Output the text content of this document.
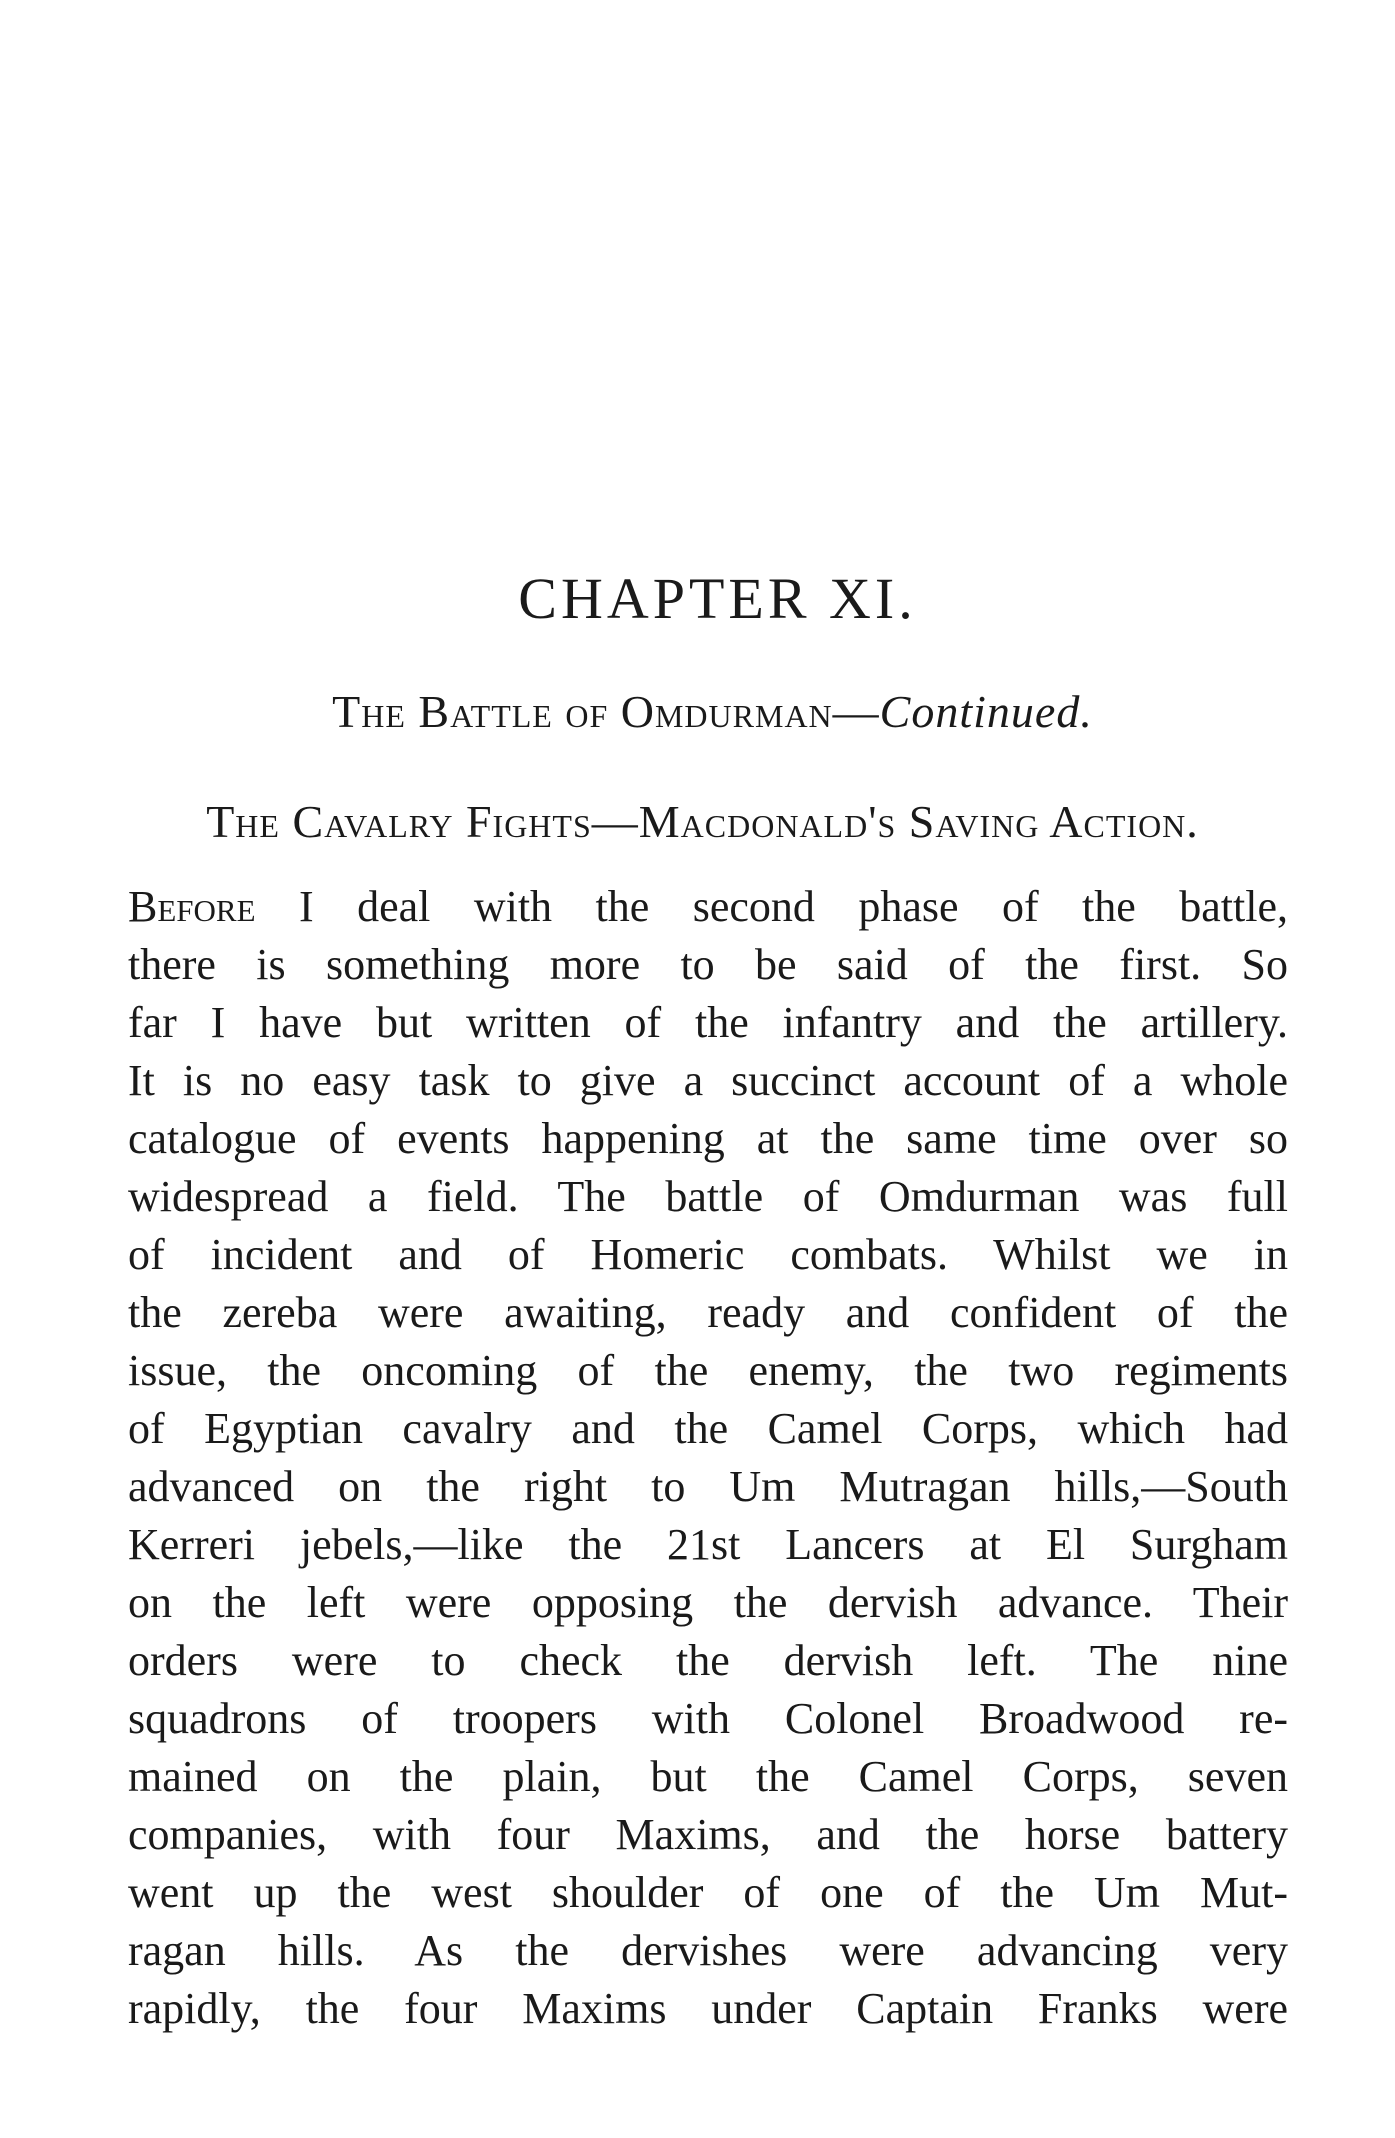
CHAPTER XI.
The Battle of Omdurman—Continued.
The Cavalry Fights—Macdonald's Saving Action.
Before I deal with the second phase of the battle,
there is something more to be said of the first. So
far I have but written of the infantry and the artillery.
It is no easy task to give a succinct account of a whole
catalogue of events happening at the same time over so
widespread a field. The battle of Omdurman was full
of incident and of Homeric combats. Whilst we in
the zereba were awaiting, ready and confident of the
issue, the oncoming of the enemy, the two regiments
of Egyptian cavalry and the Camel Corps, which had
advanced on the right to Um Mutragan hills,—South
Kerreri jebels,—like the 21st Lancers at El Surgham
on the left were opposing the dervish advance. Their
orders were to check the dervish left. The nine
squadrons of troopers with Colonel Broadwood re-
mained on the plain, but the Camel Corps, seven
companies, with four Maxims, and the horse battery
went up the west shoulder of one of the Um Mut-
ragan hills. As the dervishes were advancing very
rapidly, the four Maxims under Captain Franks were
